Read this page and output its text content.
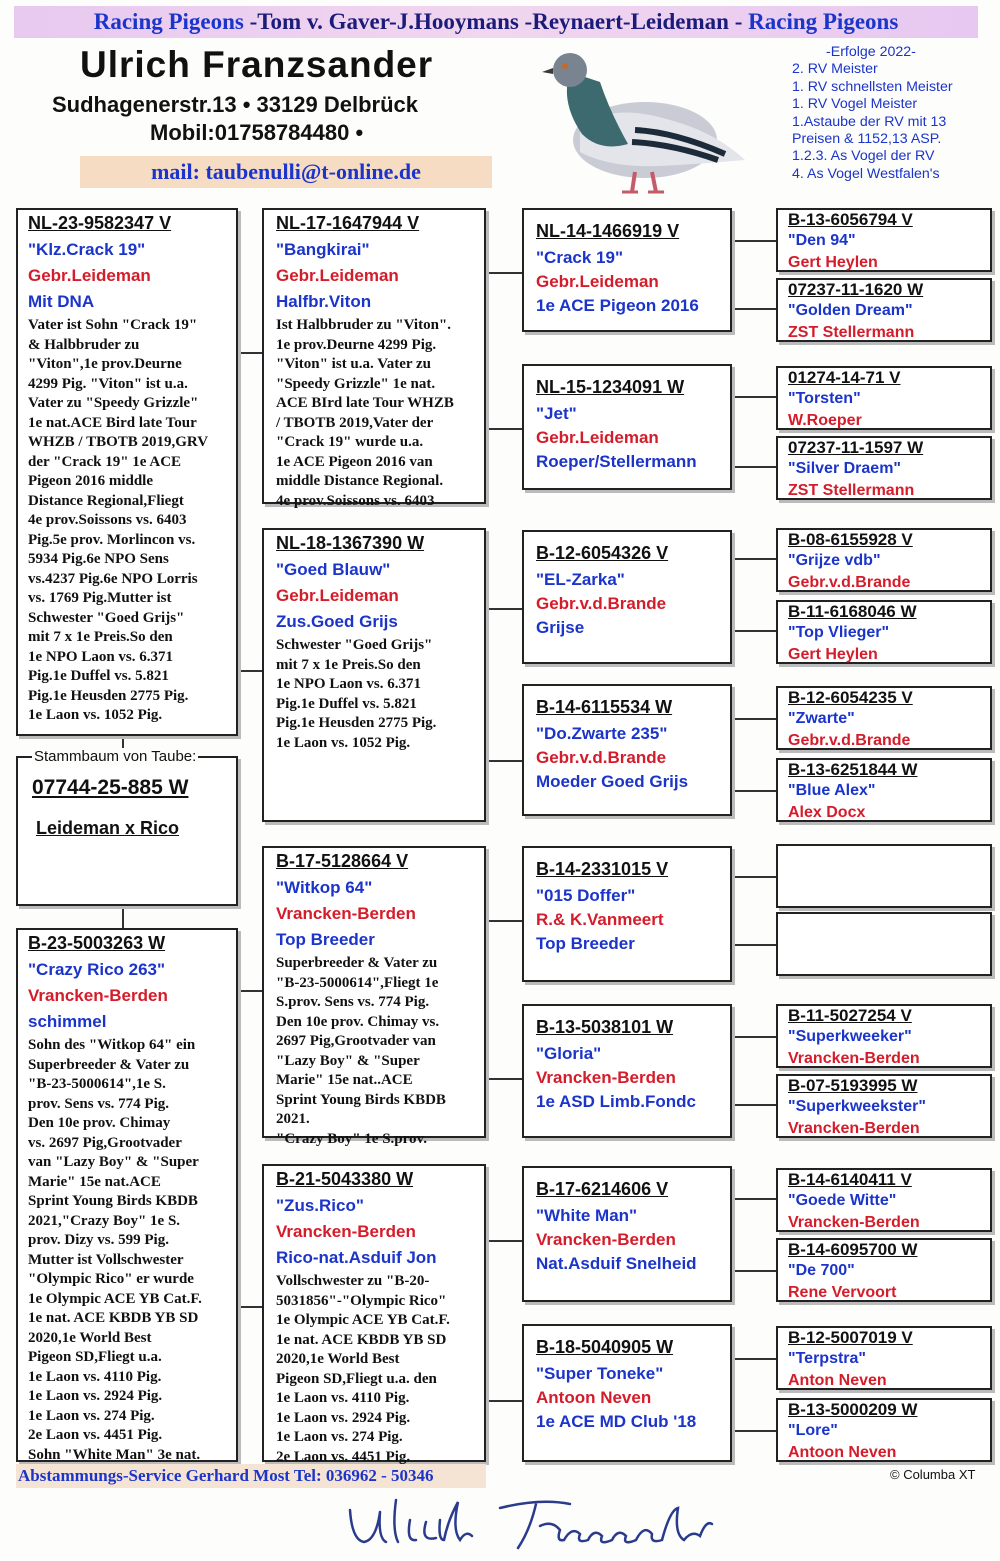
Racing Pigeons -Tom v. Gaver-J.Hooymans -Reynaert-Leideman - Racing Pigeons
Ulrich Franzsander
Sudhagenerstr.13 • 33129 Delbrück
Mobil:01758784480 •
mail: taubenulli@t-online.de
-Erfolge 2022-
2. RV Meister
1. RV schnellsten Meister
1. RV Vogel Meister
1.Astaube der RV mit 13
Preisen & 1152,13 ASP.
1.2.3. As Vogel der RV
4. As Vogel Westfalen's
NL-23-9582347 V
"Klz.Crack 19"
Gebr.Leideman
Mit DNA
Vater ist Sohn "Crack 19"
& Halbbruder zu
"Viton",1e prov.Deurne
4299 Pig. "Viton" ist u.a.
Vater zu "Speedy Grizzle"
1e nat.ACE Bird late Tour
WHZB / TBOTB 2019,GRV
der "Crack 19" 1e ACE
Pigeon 2016 middle
Distance Regional,Fliegt
4e prov.Soissons vs. 6403
Pig.5e prov. Morlincon vs.
5934 Pig.6e NPO Sens
vs.4237 Pig.6e NPO Lorris
vs. 1769 Pig.Mutter ist
Schwester "Goed Grijs"
mit 7 x 1e Preis.So den
1e NPO Laon vs. 6.371
Pig.1e Duffel vs. 5.821
Pig.1e Heusden 2775 Pig.
1e Laon vs. 1052 Pig.
Stammbaum von Taube:
07744-25-885 W
Leideman x Rico
B-23-5003263 W
"Crazy Rico 263"
Vrancken-Berden
schimmel
Sohn des "Witkop 64" ein
Superbreeder & Vater zu
"B-23-5000614",1e S.
prov. Sens vs. 774 Pig.
Den 10e prov. Chimay
vs. 2697 Pig,Grootvader
van "Lazy Boy" & "Super
Marie" 15e nat.ACE
Sprint Young Birds KBDB
2021,"Crazy Boy" 1e S.
prov. Dizy vs. 599 Pig.
Mutter ist Vollschwester
"Olympic Rico" er wurde
1e Olympic ACE YB Cat.F.
1e nat. ACE KBDB YB SD
2020,1e World Best
Pigeon SD,Fliegt u.a.
1e Laon vs. 4110 Pig.
1e Laon vs. 2924 Pig.
1e Laon vs. 274 Pig.
2e Laon vs. 4451 Pig.
Sohn "White Man" 3e nat.
NL-17-1647944 V
"Bangkirai"
Gebr.Leideman
Halfbr.Viton
Ist Halbbruder zu "Viton".
1e prov.Deurne 4299 Pig.
"Viton" ist u.a. Vater zu
"Speedy Grizzle" 1e nat.
ACE BIrd late Tour WHZB
/ TBOTB 2019,Vater der
"Crack 19" wurde u.a.
1e ACE Pigeon 2016 van
middle Distance Regional.
4e prov.Soissons vs. 6403
NL-18-1367390 W
"Goed Blauw"
Gebr.Leideman
Zus.Goed Grijs
Schwester "Goed Grijs"
mit 7 x 1e Preis.So den
1e NPO Laon vs. 6.371
Pig.1e Duffel vs. 5.821
Pig.1e Heusden 2775 Pig.
1e Laon vs. 1052 Pig.
B-17-5128664 V
"Witkop 64"
Vrancken-Berden
Top Breeder
Superbreeder & Vater zu
"B-23-5000614",Fliegt 1e
S.prov. Sens vs. 774 Pig.
Den 10e prov. Chimay vs.
2697 Pig,Grootvader van
"Lazy Boy" & "Super
Marie" 15e nat..ACE
Sprint Young Birds KBDB
2021.
"Crazy Boy" 1e S.prov.
B-21-5043380 W
"Zus.Rico"
Vrancken-Berden
Rico-nat.Asduif Jon
Vollschwester zu "B-20-
5031856"-"Olympic Rico"
1e Olympic ACE YB Cat.F.
1e nat. ACE KBDB YB SD
2020,1e World Best
Pigeon SD,Fliegt u.a. den
1e Laon vs. 4110 Pig.
1e Laon vs. 2924 Pig.
1e Laon vs. 274 Pig.
2e Laon vs. 4451 Pig.
NL-14-1466919 V
"Crack 19"
Gebr.Leideman
1e ACE Pigeon 2016
NL-15-1234091 W
"Jet"
Gebr.Leideman
Roeper/Stellermann
B-12-6054326 V
"EL-Zarka"
Gebr.v.d.Brande
Grijse
B-14-6115534 W
"Do.Zwarte 235"
Gebr.v.d.Brande
Moeder Goed Grijs
B-14-2331015 V
"015 Doffer"
R.& K.Vanmeert
Top Breeder
B-13-5038101 W
"Gloria"
Vrancken-Berden
1e ASD Limb.Fondc
B-17-6214606 V
"White Man"
Vrancken-Berden
Nat.Asduif Snelheid
B-18-5040905 W
"Super Toneke"
Antoon Neven
1e ACE MD Club '18
B-13-6056794 V
"Den 94"
Gert Heylen
07237-11-1620 W
"Golden Dream"
ZST Stellermann
01274-14-71 V
"Torsten"
W.Roeper
07237-11-1597 W
"Silver Draem"
ZST Stellermann
B-08-6155928 V
"Grijze vdb"
Gebr.v.d.Brande
B-11-6168046 W
"Top Vlieger"
Gert Heylen
B-12-6054235 V
"Zwarte"
Gebr.v.d.Brande
B-13-6251844 W
"Blue Alex"
Alex Docx
B-11-5027254 V
"Superkweeker"
Vrancken-Berden
B-07-5193995 W
"Superkweekster"
Vrancken-Berden
B-14-6140411 V
"Goede Witte"
Vrancken-Berden
B-14-6095700 W
"De 700"
Rene Vervoort
B-12-5007019 V
"Terpstra"
Anton Neven
B-13-5000209 W
"Lore"
Antoon Neven
Abstammungs-Service Gerhard Most Tel: 036962 - 50346	© Columba XT
